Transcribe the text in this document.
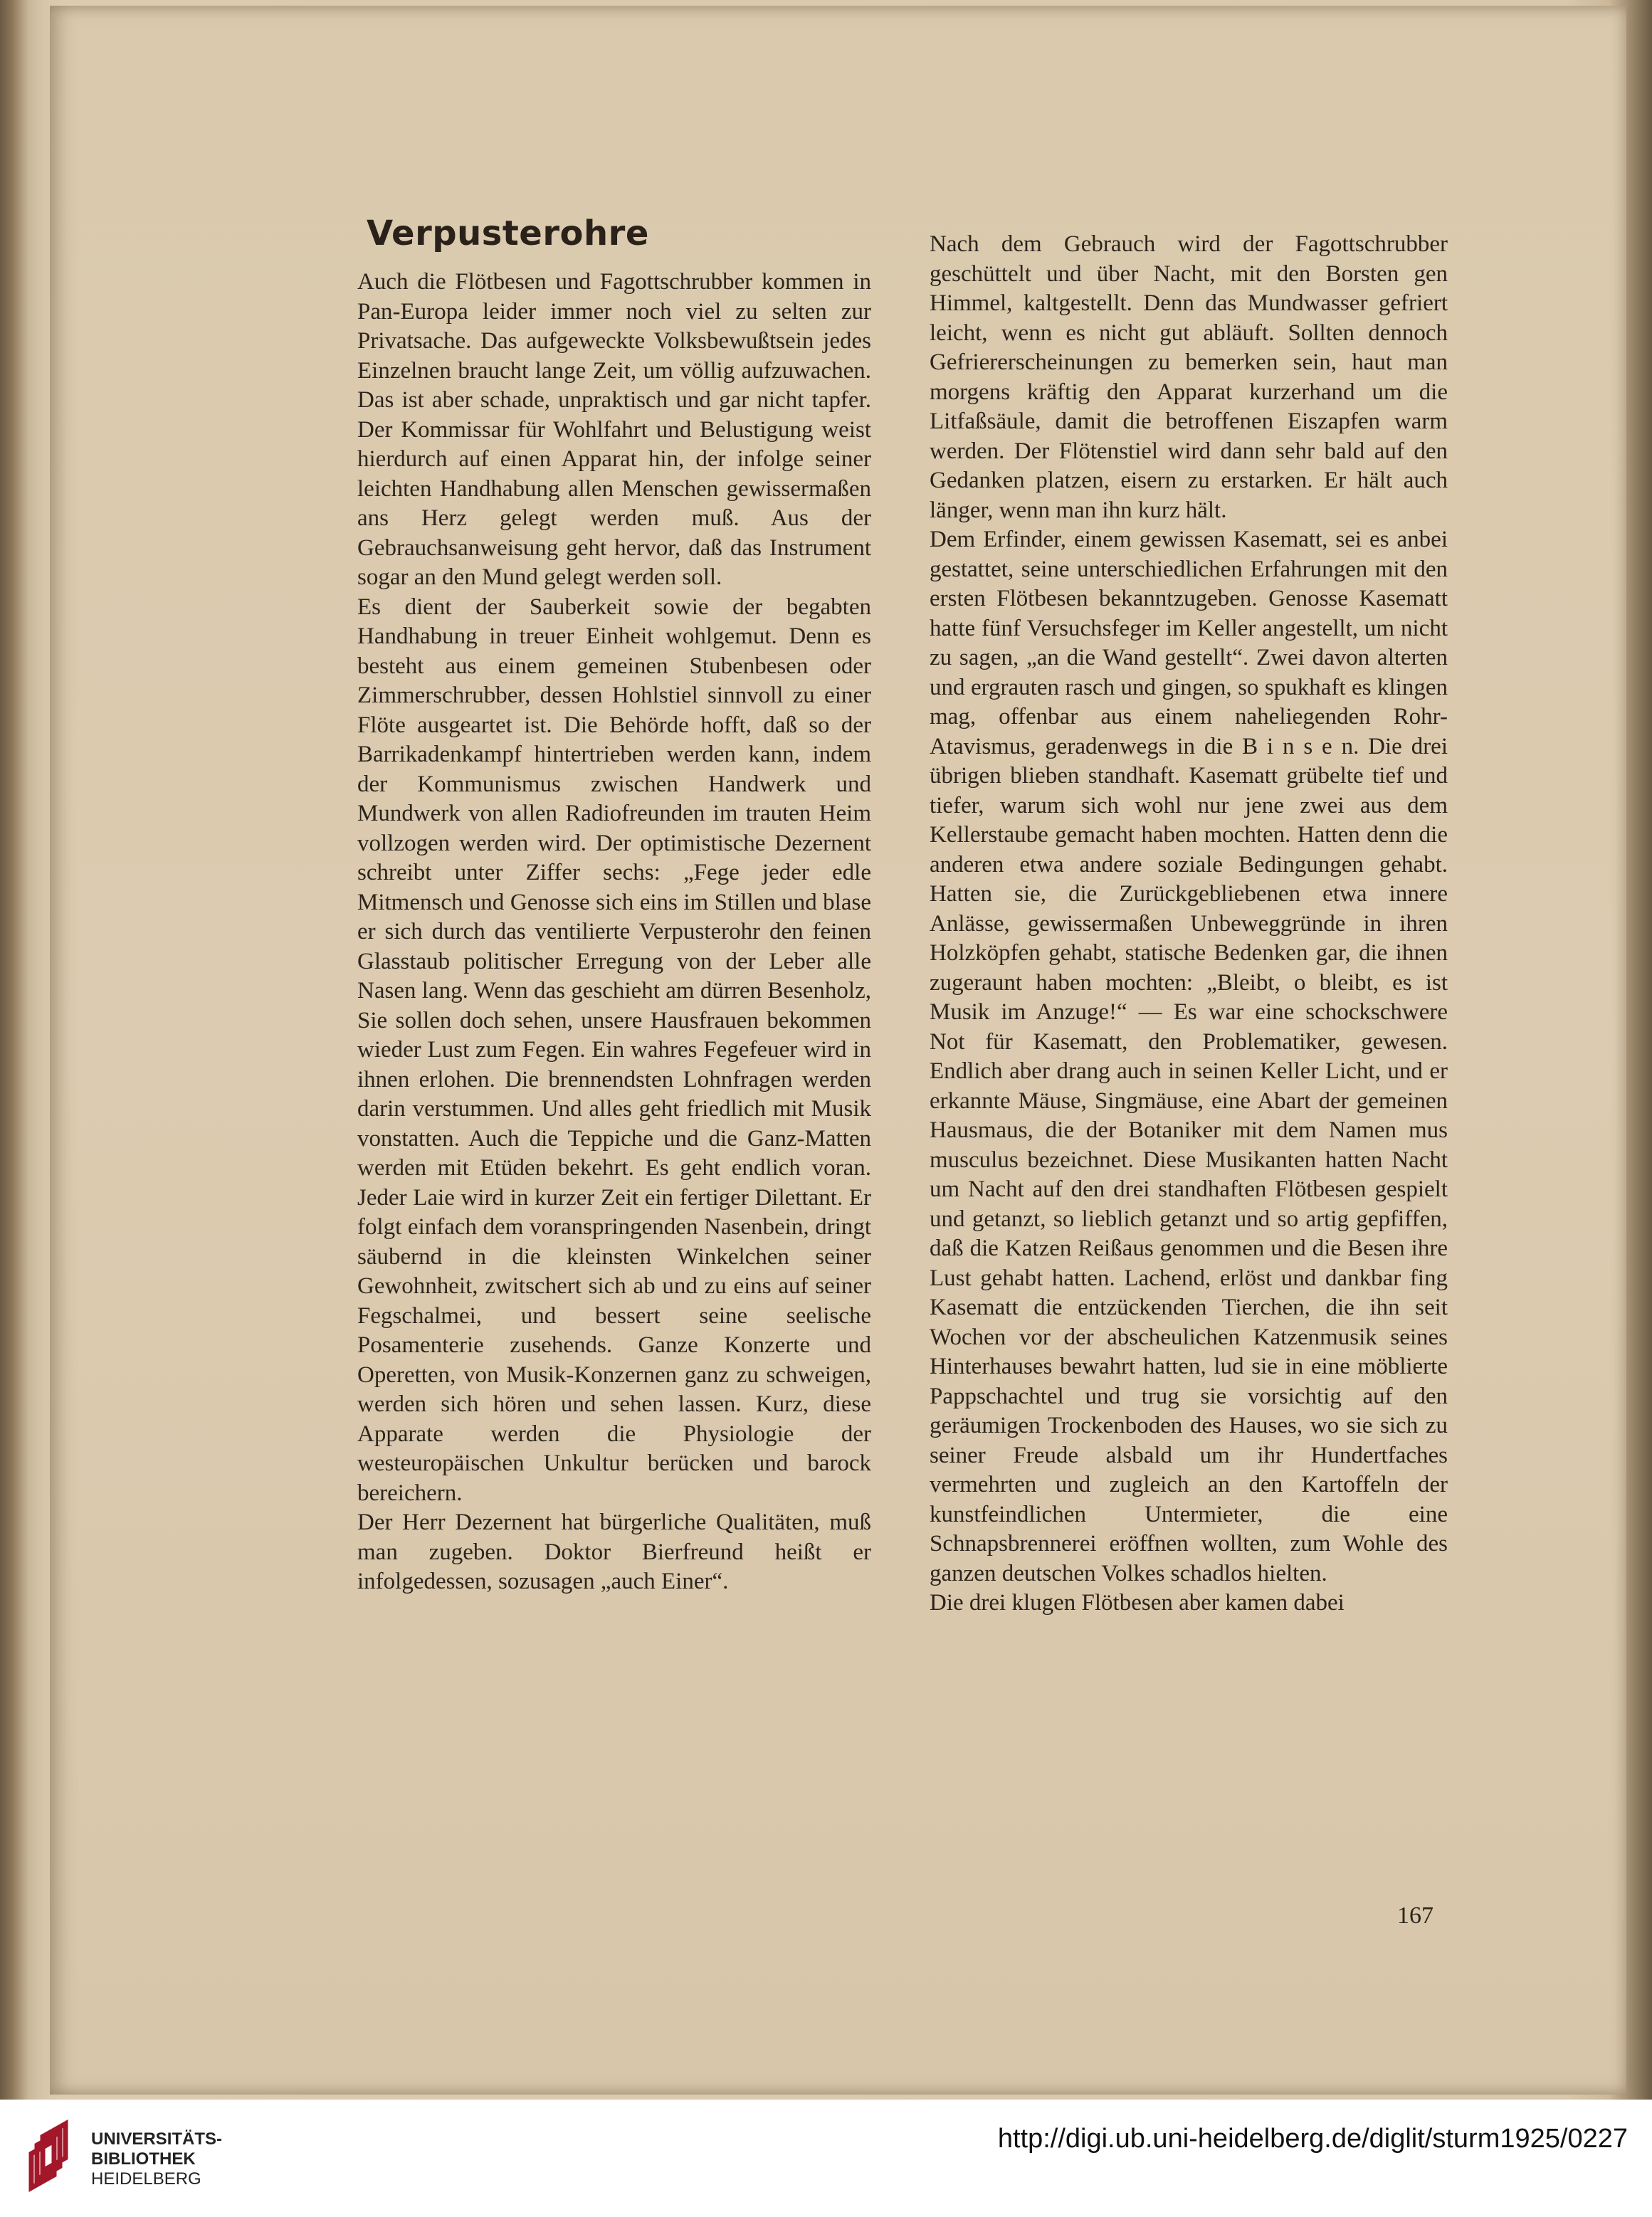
Verpusterohre

Auch die Flötbesen und Fagottschrubber kommen in Pan-Europa leider immer noch viel zu selten zur Privatsache. Das aufgeweckte Volksbewußtsein jedes Einzelnen braucht lange Zeit, um völlig aufzuwachen. Das ist aber schade, unpraktisch und gar nicht tapfer. Der Kommissar für Wohlfahrt und Belustigung weist hierdurch auf einen Apparat hin, der infolge seiner leichten Handhabung allen Menschen gewissermaßen ans Herz gelegt werden muß. Aus der Gebrauchsanweisung geht hervor, daß das Instrument sogar an den Mund gelegt werden soll.

Es dient der Sauberkeit sowie der begabten Handhabung in treuer Einheit wohlgemut. Denn es besteht aus einem gemeinen Stubenbesen oder Zimmerschrubber, dessen Hohlstiel sinnvoll zu einer Flöte ausgeartet ist. Die Behörde hofft, daß so der Barrikadenkampf hintertrieben werden kann, indem der Kommunismus zwischen Handwerk und Mundwerk von allen Radiofreunden im trauten Heim vollzogen werden wird. Der optimistische Dezernent schreibt unter Ziffer sechs: „Fege jeder edle Mitmensch und Genosse sich eins im Stillen und blase er sich durch das ventilierte Verpusterohr den feinen Glasstaub politischer Erregung von der Leber alle Nasen lang. Wenn das geschieht am dürren Besenholz, Sie sollen doch sehen, unsere Hausfrauen bekommen wieder Lust zum Fegen. Ein wahres Fegefeuer wird in ihnen erlohen. Die brennendsten Lohnfragen werden darin verstummen. Und alles geht friedlich mit Musik vonstatten. Auch die Teppiche und die Ganz-Matten werden mit Etüden bekehrt. Es geht endlich voran. Jeder Laie wird in kurzer Zeit ein fertiger Dilettant. Er folgt einfach dem voranspringenden Nasenbein, dringt säubernd in die kleinsten Winkelchen seiner Gewohnheit, zwitschert sich ab und zu eins auf seiner Fegschalmei, und bessert seine seelische Posamenterie zusehends. Ganze Konzerte und Operetten, von Musik-Konzernen ganz zu schweigen, werden sich hören und sehen lassen. Kurz, diese Apparate werden die Physiologie der westeuropäischen Unkultur berücken und barock bereichern.

Der Herr Dezernent hat bürgerliche Qualitäten, muß man zugeben. Doktor Bierfreund heißt er infolgedessen, sozusagen „auch Einer“.

Nach dem Gebrauch wird der Fagottschrubber geschüttelt und über Nacht, mit den Borsten gen Himmel, kaltgestellt. Denn das Mundwasser gefriert leicht, wenn es nicht gut abläuft. Sollten dennoch Gefriererscheinungen zu bemerken sein, haut man morgens kräftig den Apparat kurzerhand um die Litfaßsäule, damit die betroffenen Eiszapfen warm werden. Der Flötenstiel wird dann sehr bald auf den Gedanken platzen, eisern zu erstarken. Er hält auch länger, wenn man ihn kurz hält.

Dem Erfinder, einem gewissen Kasematt, sei es anbei gestattet, seine unterschiedlichen Erfahrungen mit den ersten Flötbesen bekanntzugeben. Genosse Kasematt hatte fünf Versuchsfeger im Keller angestellt, um nicht zu sagen, „an die Wand gestellt“. Zwei davon alterten und ergrauten rasch und gingen, so spukhaft es klingen mag, offenbar aus einem naheliegenden Rohr-Atavismus, geradenwegs in die B i n s e n. Die drei übrigen blieben standhaft. Kasematt grübelte tief und tiefer, warum sich wohl nur jene zwei aus dem Kellerstaube gemacht haben mochten. Hatten denn die anderen etwa andere soziale Bedingungen gehabt. Hatten sie, die Zurückgebliebenen etwa innere Anlässe, gewissermaßen Unbeweggründe in ihren Holzköpfen gehabt, statische Bedenken gar, die ihnen zugeraunt haben mochten: „Bleibt, o bleibt, es ist Musik im Anzuge!“ — Es war eine schockschwere Not für Kasematt, den Problematiker, gewesen. Endlich aber drang auch in seinen Keller Licht, und er erkannte Mäuse, Singmäuse, eine Abart der gemeinen Hausmaus, die der Botaniker mit dem Namen mus musculus bezeichnet. Diese Musikanten hatten Nacht um Nacht auf den drei standhaften Flötbesen gespielt und getanzt, so lieblich getanzt und so artig gepfiffen, daß die Katzen Reißaus genommen und die Besen ihre Lust gehabt hatten. Lachend, erlöst und dankbar fing Kasematt die entzückenden Tierchen, die ihn seit Wochen vor der abscheulichen Katzenmusik seines Hinterhauses bewahrt hatten, lud sie in eine möblierte Pappschachtel und trug sie vorsichtig auf den geräumigen Trockenboden des Hauses, wo sie sich zu seiner Freude alsbald um ihr Hundertfaches vermehrten und zugleich an den Kartoffeln der kunstfeindlichen Untermieter, die eine Schnapsbrennerei eröffnen wollten, zum Wohle des ganzen deutschen Volkes schadlos hielten.

Die drei klugen Flötbesen aber kamen dabei

167
UNIVERSITÄTS-
BIBLIOTHEK
HEIDELBERG
http://digi.ub.uni-heidelberg.de/diglit/sturm1925/0227
